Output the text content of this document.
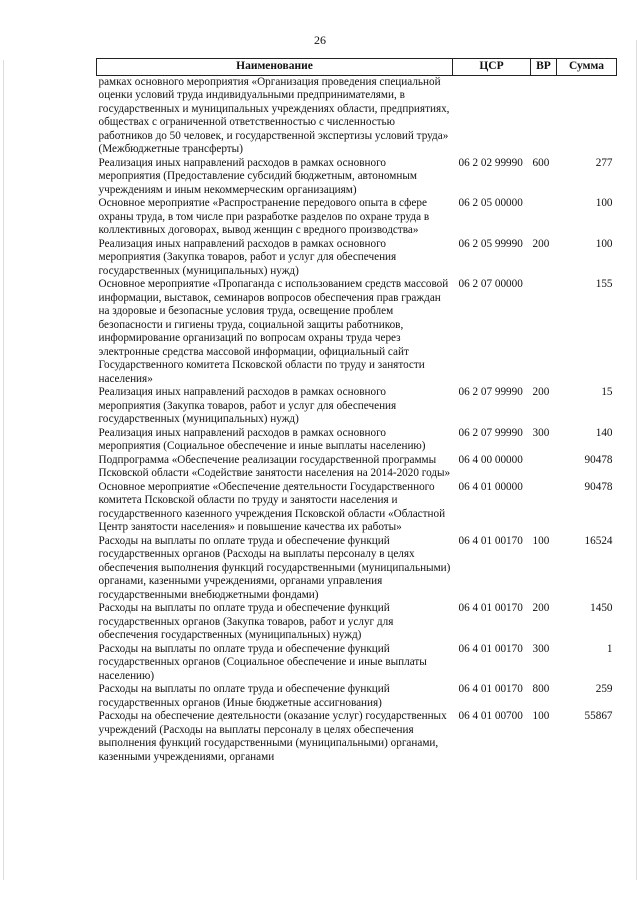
26
Наименование	ЦСР	ВР	Сумма
рамках основного мероприятия «Организация проведения специальной оценки условий труда индивидуальными предпринимателями, в государственных и муниципальных учреждениях области, предприятиях, обществах с ограниченной ответственностью с численностью работников до 50 человек, и государственной экспертизы условий труда» (Межбюджетные трансферты)			
Реализация иных направлений расходов в рамках основного мероприятия (Предоставление субсидий бюджетным, автономным учреждениям и иным некоммерческим организациям)	06 2 02 99990	600	277
Основное мероприятие «Распространение передового опыта в сфере охраны труда, в том числе при разработке разделов по охране труда в коллективных договорах, вывод женщин с вредного производства»	06 2 05 00000		100
Реализация иных направлений расходов в рамках основного мероприятия (Закупка товаров, работ и услуг для обеспечения государственных (муниципальных) нужд)	06 2 05 99990	200	100
Основное мероприятие «Пропаганда с использованием средств массовой информации, выставок, семинаров вопросов обеспечения прав граждан на здоровые и безопасные условия труда, освещение проблем безопасности и гигиены труда, социальной защиты работников, информирование организаций по вопросам охраны труда через электронные средства массовой информации, официальный сайт Государственного комитета Псковской области по труду и занятости населения»	06 2 07 00000		155
Реализация иных направлений расходов в рамках основного мероприятия (Закупка товаров, работ и услуг для обеспечения государственных (муниципальных) нужд)	06 2 07 99990	200	15
Реализация иных направлений расходов в рамках основного мероприятия (Социальное обеспечение и иные выплаты населению)	06 2 07 99990	300	140
Подпрограмма «Обеспечение реализации государственной программы Псковской области «Содействие занятости населения на 2014-2020 годы»	06 4 00 00000		90478
Основное мероприятие «Обеспечение деятельности Государственного комитета Псковской области по труду и занятости населения и государственного казенного учреждения Псковской области «Областной Центр занятости населения» и повышение качества их работы»	06 4 01 00000		90478
Расходы на выплаты по оплате труда и обеспечение функций государственных органов (Расходы на выплаты персоналу в целях обеспечения выполнения функций государственными (муниципальными) органами, казенными учреждениями, органами управления государственными внебюджетными фондами)	06 4 01 00170	100	16524
Расходы на выплаты по оплате труда и обеспечение функций государственных органов (Закупка товаров, работ и услуг для обеспечения государственных (муниципальных) нужд)	06 4 01 00170	200	1450
Расходы на выплаты по оплате труда и обеспечение функций государственных органов (Социальное обеспечение и иные выплаты населению)	06 4 01 00170	300	1
Расходы на выплаты по оплате труда и обеспечение функций государственных органов (Иные бюджетные ассигнования)	06 4 01 00170	800	259
Расходы на обеспечение деятельности (оказание услуг) государственных учреждений (Расходы на выплаты персоналу в целях обеспечения выполнения функций государственными (муниципальными) органами, казенными учреждениями, органами	06 4 01 00700	100	55867
